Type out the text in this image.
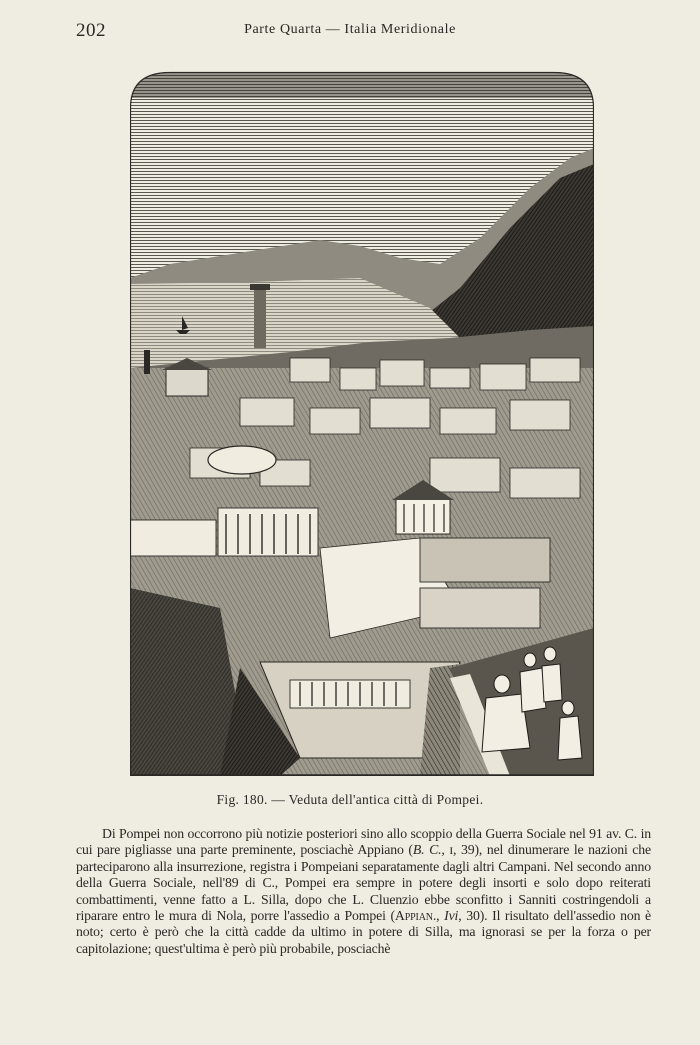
202	Parte Quarta — Italia Meridionale
Fig. 180. — Veduta dell'antica città di Pompei.

Di Pompei non occorrono più notizie posteriori sino allo scoppio della Guerra Sociale nel 91 av. C. in cui pare pigliasse una parte preminente, posciachè Appiano (B. C., ɪ, 39), nel dinumerare le nazioni che parteciparono alla insurrezione, registra i Pompeiani separatamente dagli altri Campani. Nel secondo anno della Guerra Sociale, nell'89 di C., Pompei era sempre in potere degli insorti e solo dopo reiterati combattimenti, venne fatto a L. Silla, dopo che L. Cluenzio ebbe sconfitto i Sanniti costringendoli a riparare entro le mura di Nola, porre l'assedio a Pompei (Appian., Ivi, 30). Il risultato dell'assedio non è noto; certo è però che la città cadde da ultimo in potere di Silla, ma ignorasi se per la forza o per capitolazione; quest'ultima è però più probabile, posciachè
